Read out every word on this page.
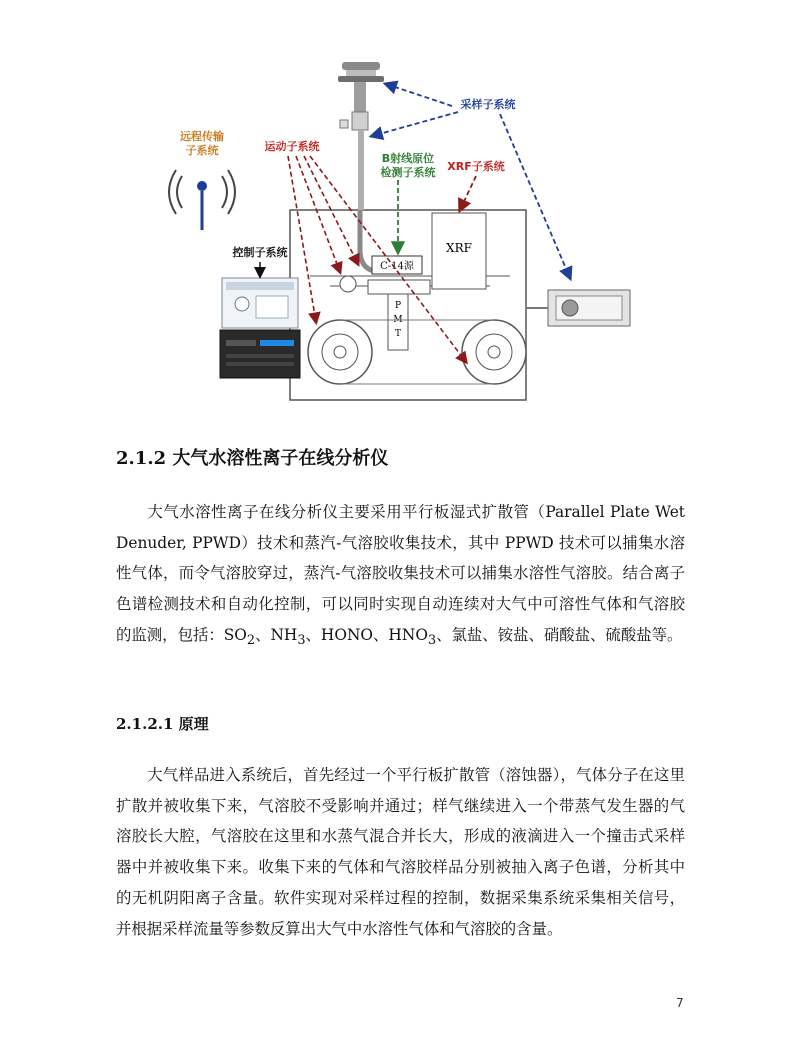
C-14源
P
M
T
XRF
远程传输
子系统	运动子系统
B射线原位
检测子系统 XRF子系统
采样子系统
控制子系统
2.1.2 大气水溶性离子在线分析仪

大气水溶性离子在线分析仪主要采用平行板湿式扩散管（Parallel Plate Wet Denuder, PPWD）技术和蒸汽-气溶胶收集技术，其中 PPWD 技术可以捕集水溶性气体，而令气溶胶穿过，蒸汽-气溶胶收集技术可以捕集水溶性气溶胶。结合离子色谱检测技术和自动化控制，可以同时实现自动连续对大气中可溶性气体和气溶胶的监测，包括：$SO_2$、$NH_3$、HONO、$HNO_3$、氯盐、铵盐、硝酸盐、硫酸盐等。

2.1.2.1 原理

大气样品进入系统后，首先经过一个平行板扩散管（溶蚀器），气体分子在这里扩散并被收集下来，气溶胶不受影响并通过；样气继续进入一个带蒸气发生器的气溶胶长大腔，气溶胶在这里和水蒸气混合并长大，形成的液滴进入一个撞击式采样器中并被收集下来。收集下来的气体和气溶胶样品分别被抽入离子色谱，分析其中的无机阴阳离子含量。软件实现对采样过程的控制，数据采集系统采集相关信号，并根据采样流量等参数反算出大气中水溶性气体和气溶胶的含量。

7
